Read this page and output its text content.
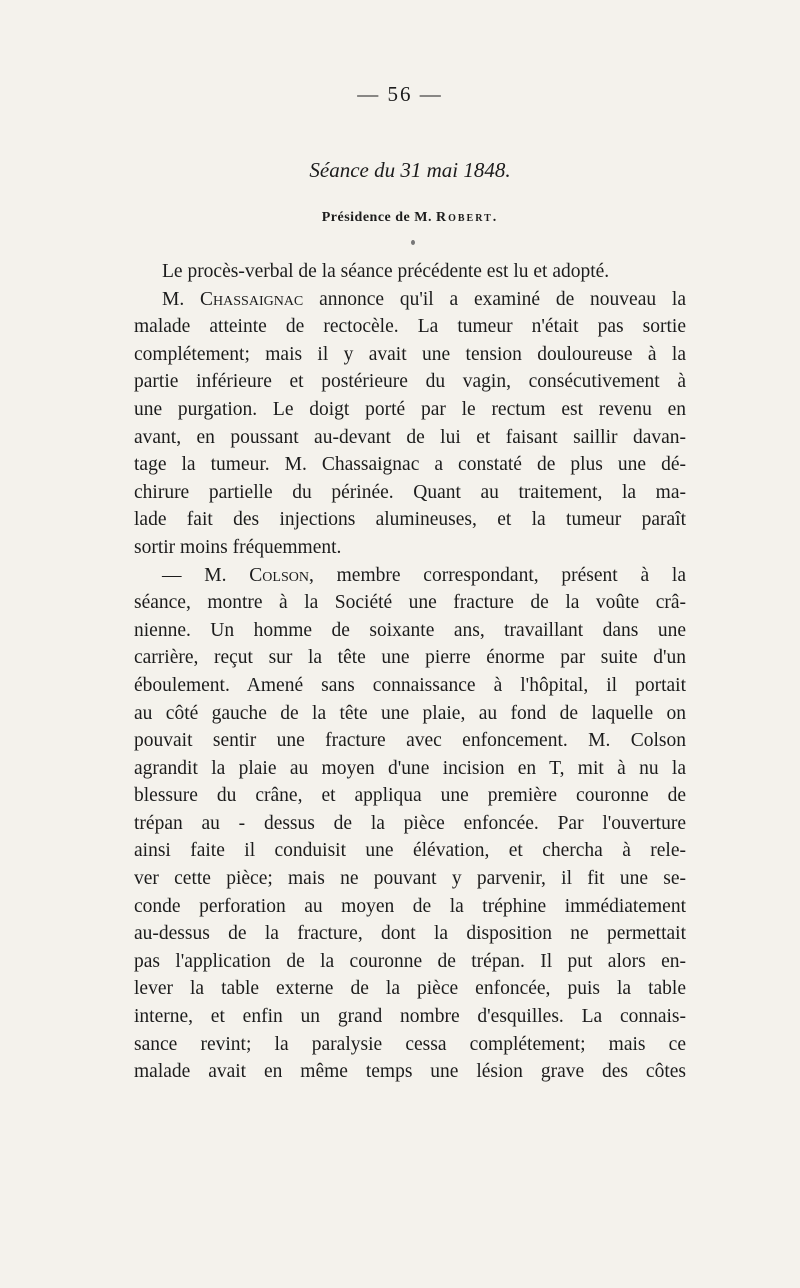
— 56 —
Séance du 31 mai 1848.
Présidence de M. Robert.
Le procès-verbal de la séance précédente est lu et adopté.
M. Chassaignac annonce qu'il a examiné de nouveau la
malade atteinte de rectocèle. La tumeur n'était pas sortie
complétement; mais il y avait une tension douloureuse à la
partie inférieure et postérieure du vagin, consécutivement à
une purgation. Le doigt porté par le rectum est revenu en
avant, en poussant au-devant de lui et faisant saillir davan-
tage la tumeur. M. Chassaignac a constaté de plus une dé-
chirure partielle du périnée. Quant au traitement, la ma-
lade fait des injections alumineuses, et la tumeur paraît
sortir moins fréquemment.
— M. Colson, membre correspondant, présent à la
séance, montre à la Société une fracture de la voûte crâ-
nienne. Un homme de soixante ans, travaillant dans une
carrière, reçut sur la tête une pierre énorme par suite d'un
éboulement. Amené sans connaissance à l'hôpital, il portait
au côté gauche de la tête une plaie, au fond de laquelle on
pouvait sentir une fracture avec enfoncement. M. Colson
agrandit la plaie au moyen d'une incision en T, mit à nu la
blessure du crâne, et appliqua une première couronne de
trépan au - dessus de la pièce enfoncée. Par l'ouverture
ainsi faite il conduisit une élévation, et chercha à rele-
ver cette pièce; mais ne pouvant y parvenir, il fit une se-
conde perforation au moyen de la tréphine immédiatement
au-dessus de la fracture, dont la disposition ne permettait
pas l'application de la couronne de trépan. Il put alors en-
lever la table externe de la pièce enfoncée, puis la table
interne, et enfin un grand nombre d'esquilles. La connais-
sance revint; la paralysie cessa complétement; mais ce
malade avait en même temps une lésion grave des côtes
